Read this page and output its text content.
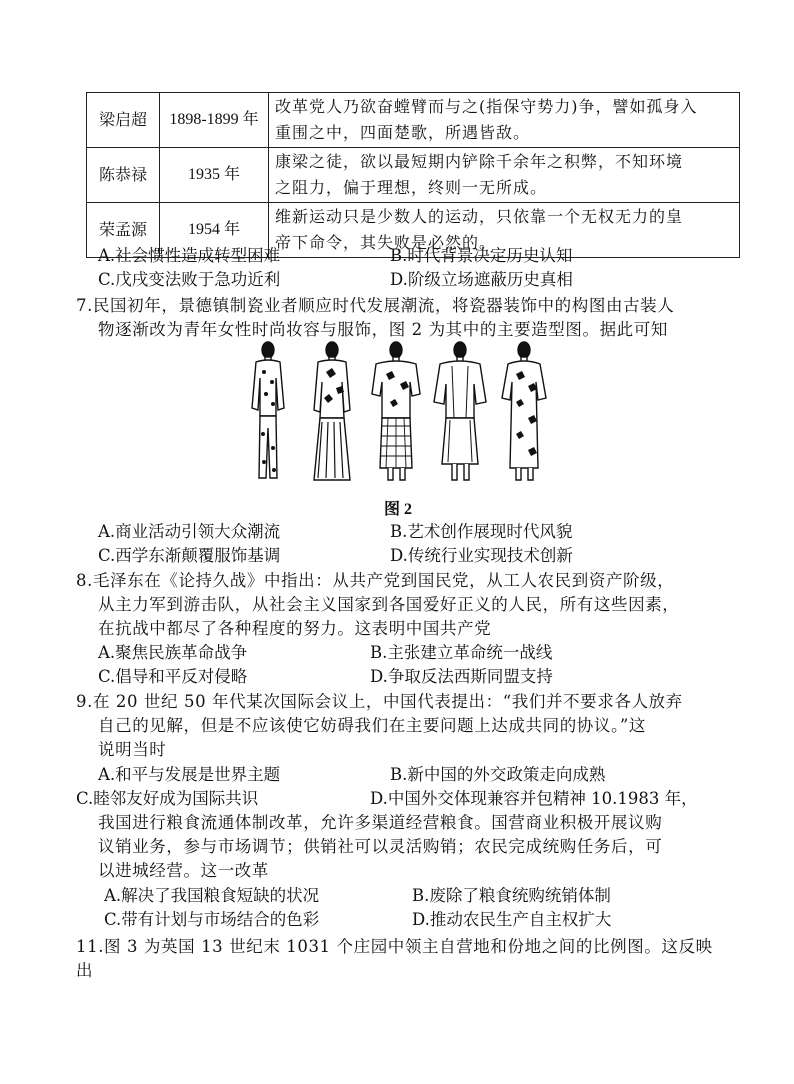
梁启超	1898-1899 年	改革党人乃欲奋螳臂而与之(指保守势力)争，譬如孤身入
重围之中，四面楚歌，所遇皆敌。
陈恭禄	1935 年	康梁之徒，欲以最短期内铲除千余年之积弊，不知环境
之阻力，偏于理想，终则一无所成。
荣孟源	1954 年	维新运动只是少数人的运动，只依靠一个无权无力的皇
帝下命令，其失败是必然的。
A.社会惯性造成转型困难	B.时代背景决定历史认知
C.戊戌变法败于急功近利	D.阶级立场遮蔽历史真相
7.民国初年，景德镇制瓷业者顺应时代发展潮流，将瓷器装饰中的构图由古装人
物逐渐改为青年女性时尚妆容与服饰，图 2 为其中的主要造型图。据此可知
图 2
A.商业活动引领大众潮流	B.艺术创作展现时代风貌
C.西学东渐颠覆服饰基调	D.传统行业实现技术创新
8.毛泽东在《论持久战》中指出：从共产党到国民党，从工人农民到资产阶级，
从主力军到游击队，从社会主义国家到各国爱好正义的人民，所有这些因素，
在抗战中都尽了各种程度的努力。这表明中国共产党
A.聚焦民族革命战争	B.主张建立革命统一战线
C.倡导和平反对侵略	D.争取反法西斯同盟支持
9.在 20 世纪 50 年代某次国际会议上，中国代表提出：“我们并不要求各人放弃
自己的见解，但是不应该使它妨碍我们在主要问题上达成共同的协议。”这
说明当时
A.和平与发展是世界主题	B.新中国的外交政策走向成熟
C.睦邻友好成为国际共识	D.中国外交体现兼容并包精神 10.1983 年，
我国进行粮食流通体制改革，允许多渠道经营粮食。国营商业积极开展议购
议销业务，参与市场调节；供销社可以灵活购销；农民完成统购任务后，可
以进城经营。这一改革
A.解决了我国粮食短缺的状况	B.废除了粮食统购统销体制
C.带有计划与市场结合的色彩	D.推动农民生产自主权扩大
11.图 3 为英国 13 世纪末 1031 个庄园中领主自营地和份地之间的比例图。这反映
出
